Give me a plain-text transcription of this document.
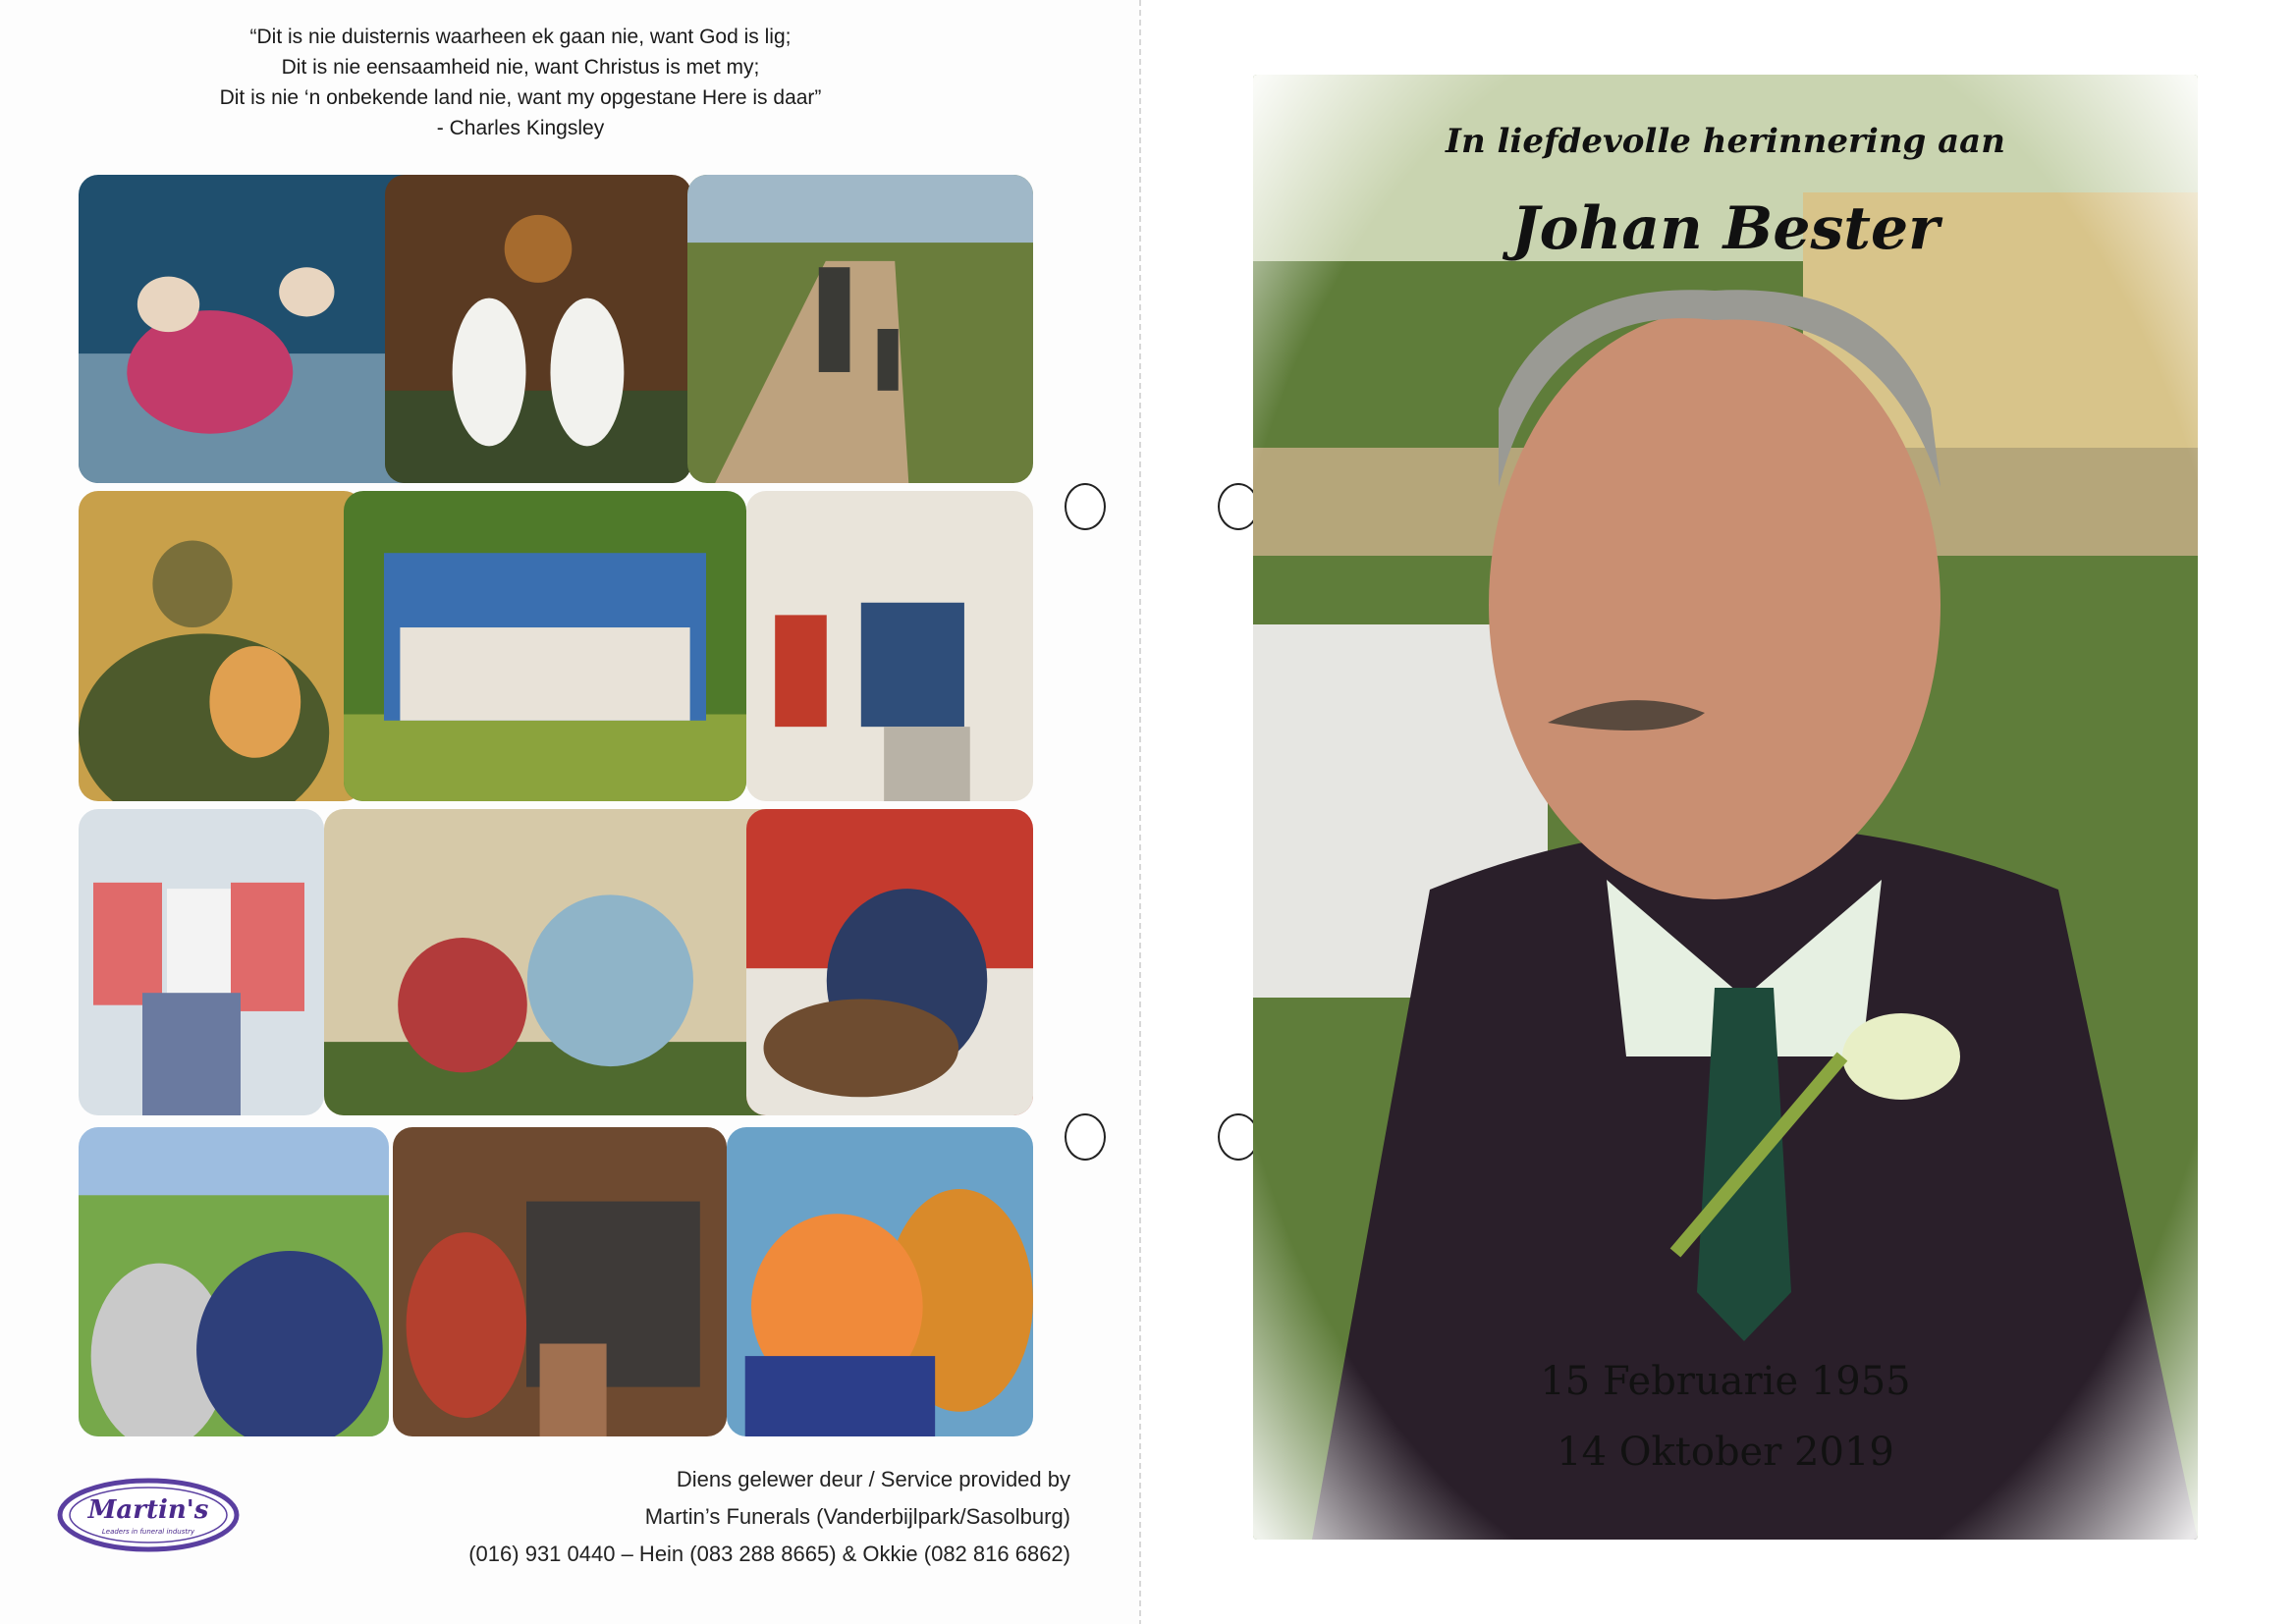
“Dit is nie duisternis waarheen ek gaan nie, want God is lig;
Dit is nie eensaamheid nie, want Christus is met my;
Dit is nie ‘n onbekende land nie, want my opgestane Here is daar”
- Charles Kingsley
Martin's
Leaders in funeral industry
Diens gelewer deur / Service provided by
Martin’s Funerals (Vanderbijlpark/Sasolburg)
(016) 931 0440 – Hein (083 288 8665) & Okkie (082 816 6862)
In liefdevolle herinnering aan
Johan Bester
15 Februarie 1955
14 Oktober 2019
